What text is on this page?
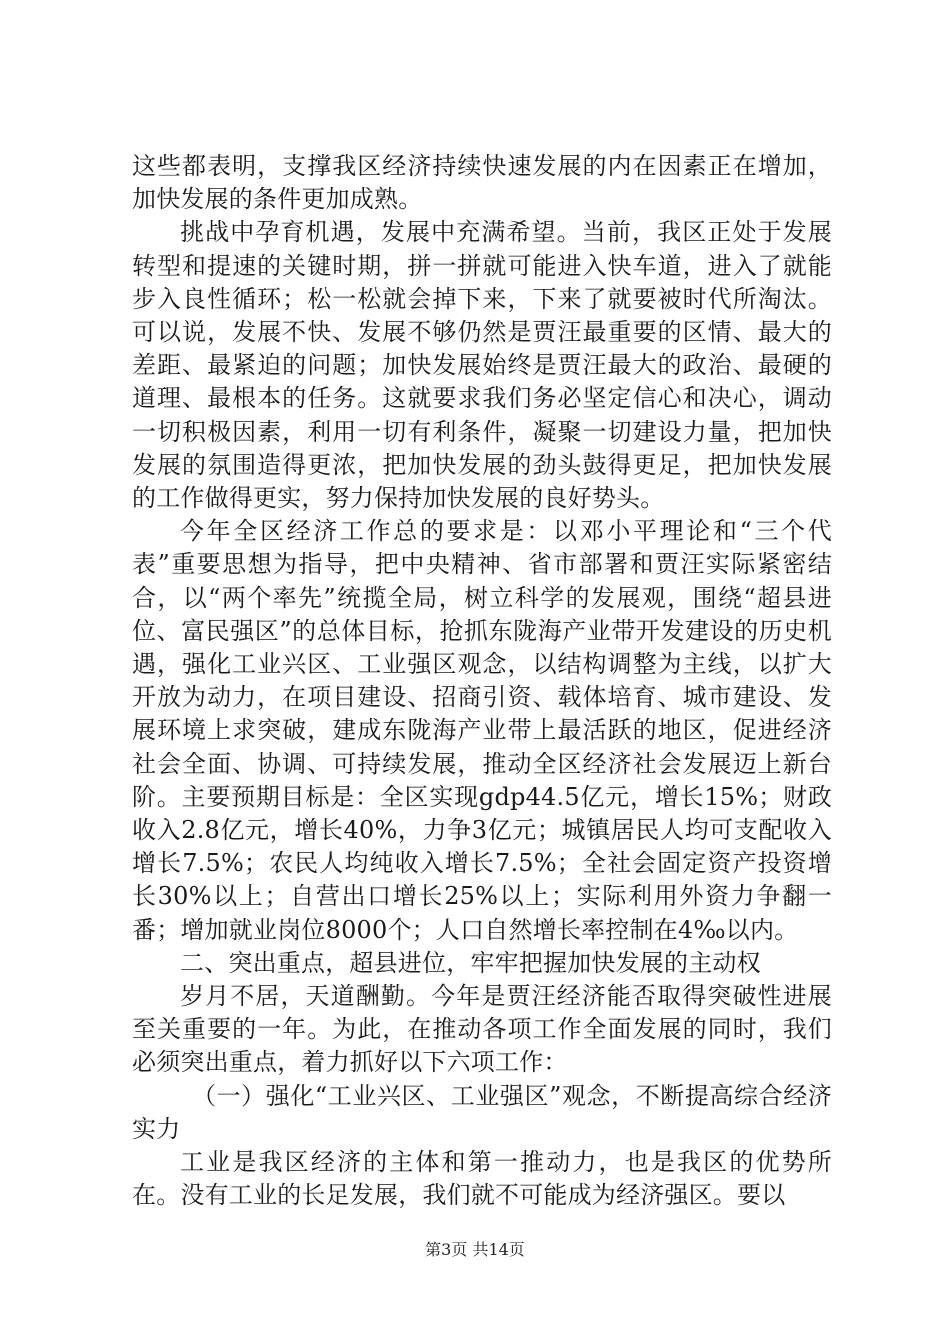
这些都表明，支撑我区经济持续快速发展的内在因素正在增加，加快发展的条件更加成熟。

挑战中孕育机遇，发展中充满希望。当前，我区正处于发展转型和提速的关键时期，拼一拼就可能进入快车道，进入了就能步入良性循环；松一松就会掉下来，下来了就要被时代所淘汰。可以说，发展不快、发展不够仍然是贾汪最重要的区情、最大的差距、最紧迫的问题；加快发展始终是贾汪最大的政治、最硬的道理、最根本的任务。这就要求我们务必坚定信心和决心，调动一切积极因素，利用一切有利条件，凝聚一切建设力量，把加快发展的氛围造得更浓，把加快发展的劲头鼓得更足，把加快发展的工作做得更实，努力保持加快发展的良好势头。

今年全区经济工作总的要求是：以邓小平理论和“三个代表”重要思想为指导，把中央精神、省市部署和贾汪实际紧密结合，以“两个率先”统揽全局，树立科学的发展观，围绕“超县进位、富民强区”的总体目标，抢抓东陇海产业带开发建设的历史机遇，强化工业兴区、工业强区观念，以结构调整为主线，以扩大开放为动力，在项目建设、招商引资、载体培育、城市建设、发展环境上求突破，建成东陇海产业带上最活跃的地区，促进经济社会全面、协调、可持续发展，推动全区经济社会发展迈上新台阶。主要预期目标是：全区实现gdp44.5亿元，增长15%；财政收入2.8亿元，增长40%，力争3亿元；城镇居民人均可支配收入增长7.5%；农民人均纯收入增长7.5%；全社会固定资产投资增长30%以上；自营出口增长25%以上；实际利用外资力争翻一番；增加就业岗位8000个；人口自然增长率控制在4‰以内。

二、突出重点，超县进位，牢牢把握加快发展的主动权

岁月不居，天道酬勤。今年是贾汪经济能否取得突破性进展至关重要的一年。为此，在推动各项工作全面发展的同时，我们必须突出重点，着力抓好以下六项工作：

（一）强化“工业兴区、工业强区”观念，不断提高综合经济实力

工业是我区经济的主体和第一推动力，也是我区的优势所在。没有工业的长足发展，我们就不可能成为经济强区。要以

第3页 共14页
